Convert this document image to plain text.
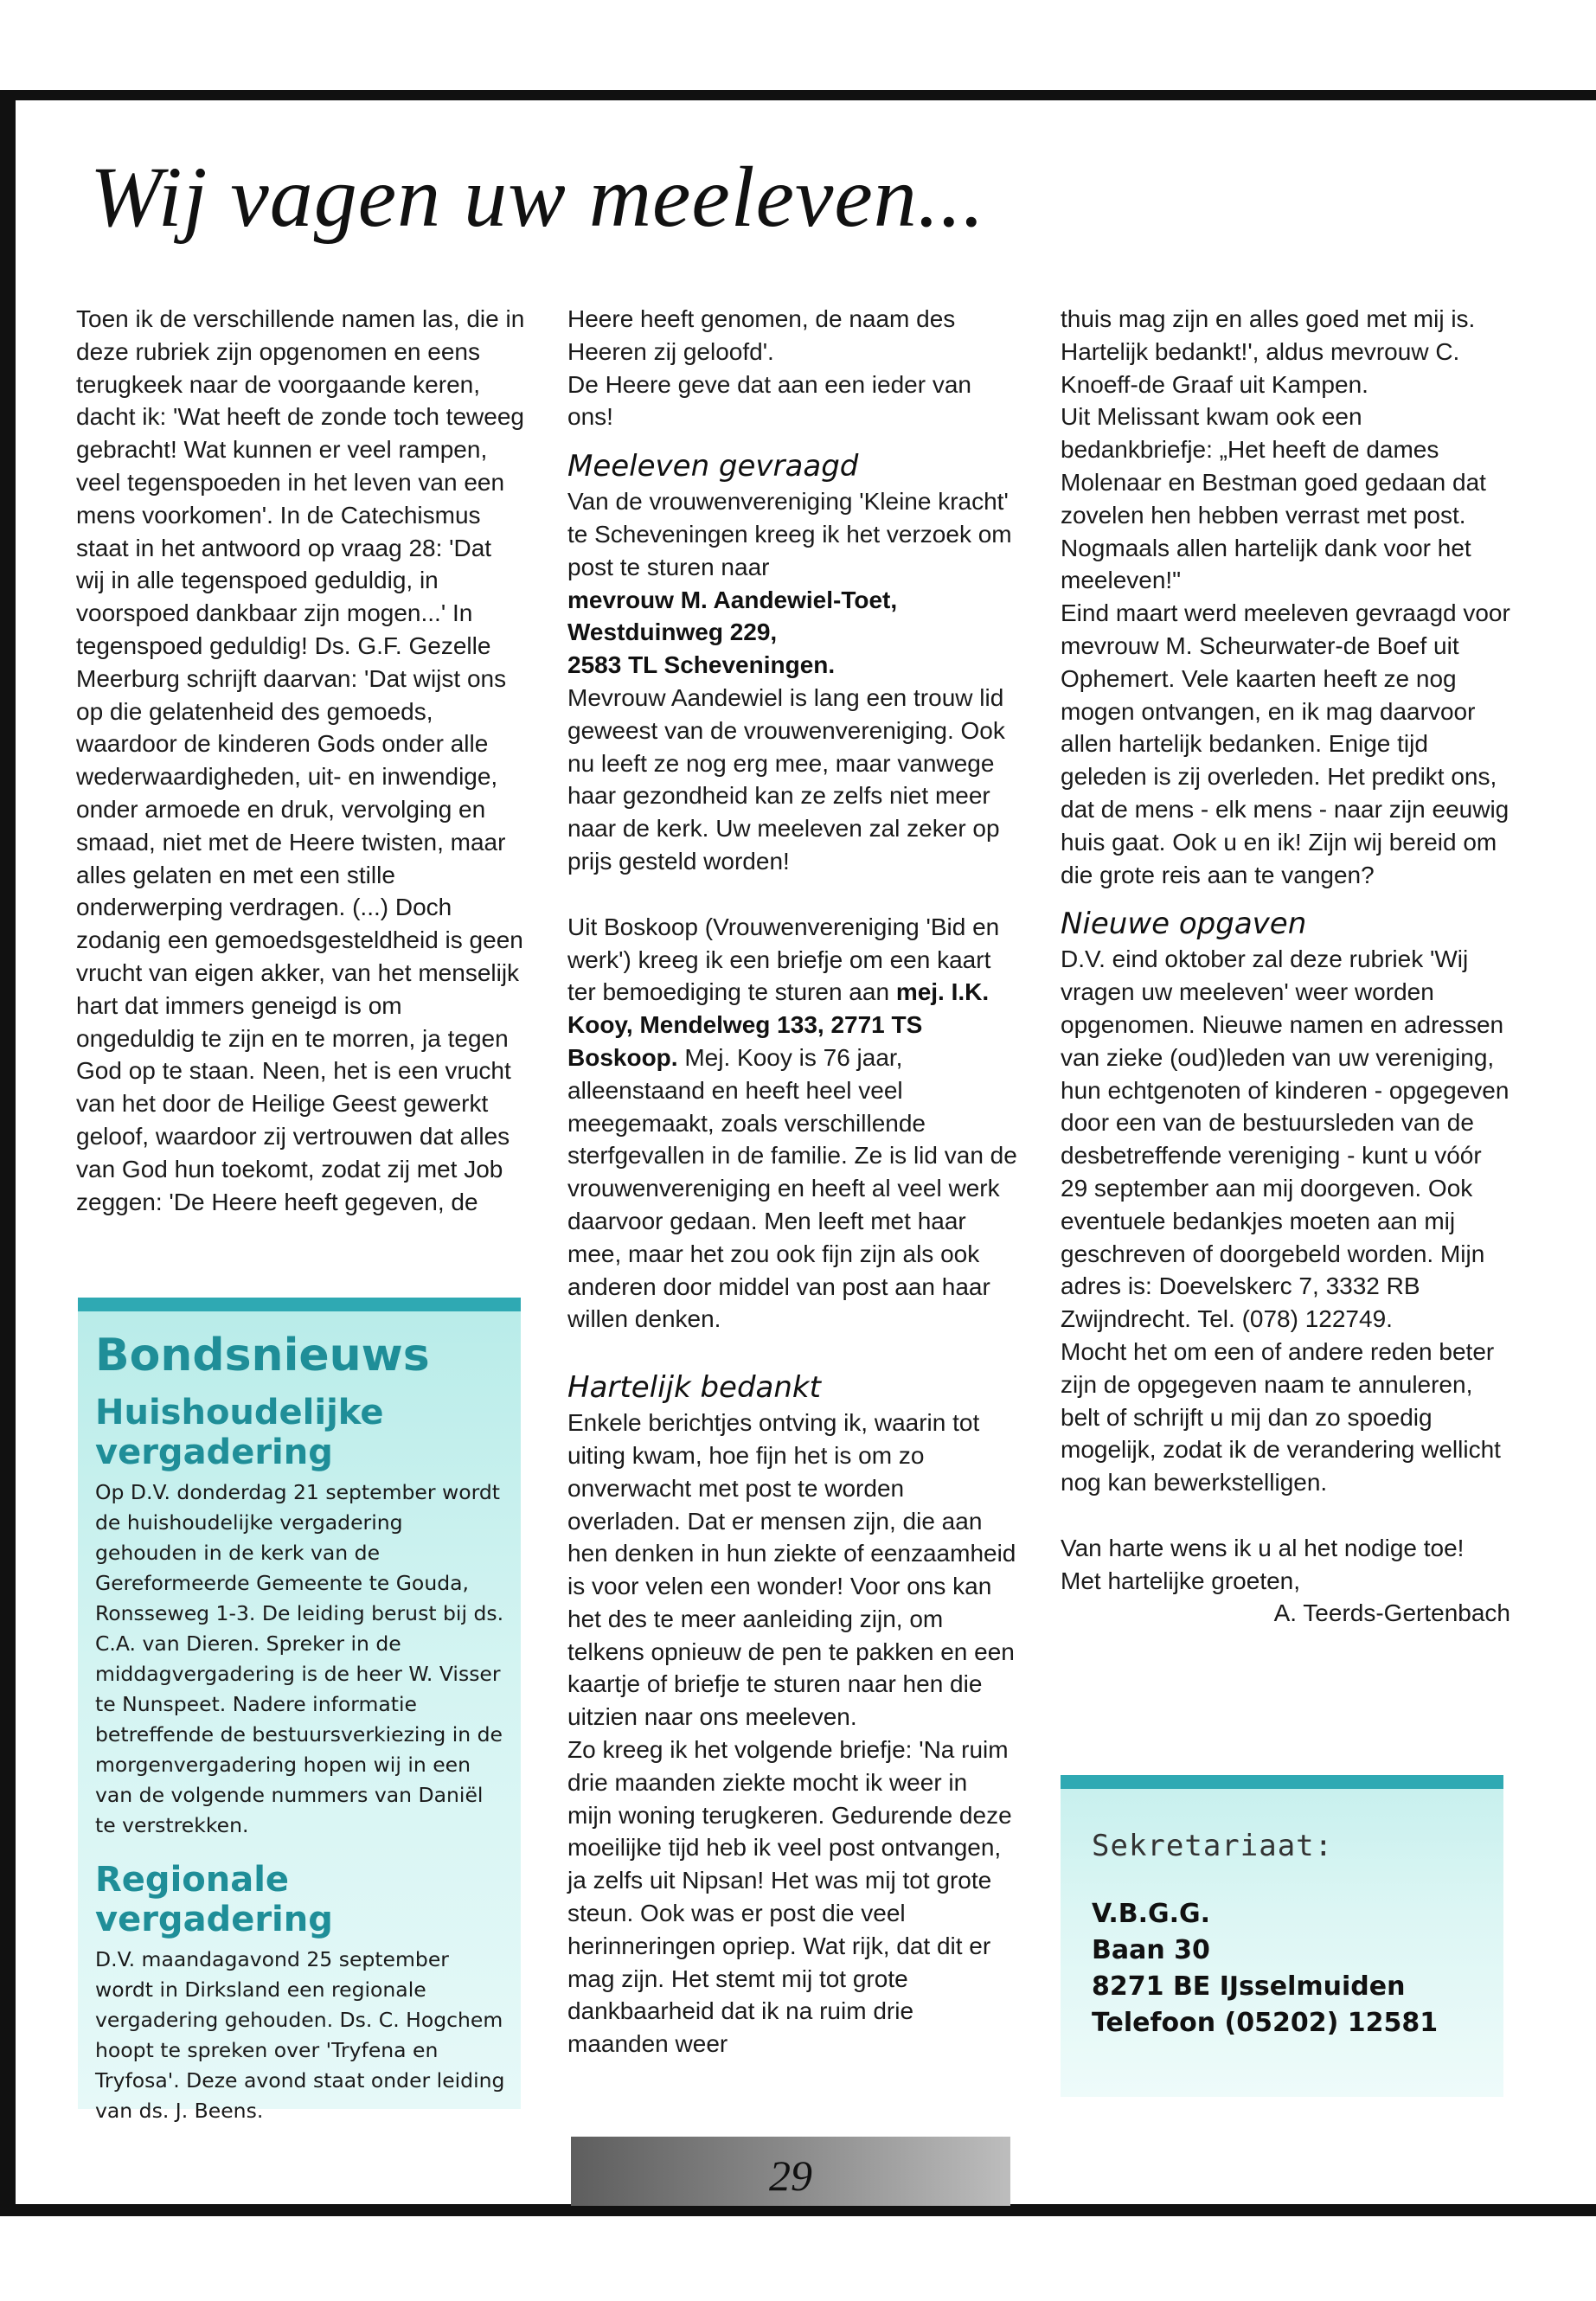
Wij vagen uw meeleven...

Toen ik de verschillende namen las, die in deze rubriek zijn opgenomen en eens terugkeek naar de voorgaande keren, dacht ik: 'Wat heeft de zonde toch teweeg gebracht! Wat kunnen er veel rampen, veel tegenspoeden in het leven van een mens voorkomen'. In de Catechismus staat in het antwoord op vraag 28: 'Dat wij in alle tegenspoed geduldig, in voorspoed dankbaar zijn mogen...' In tegenspoed geduldig! Ds. G.F. Gezelle Meerburg schrijft daarvan: 'Dat wijst ons op die gelatenheid des gemoeds, waardoor de kinderen Gods onder alle wederwaardigheden, uit- en inwendige, onder armoede en druk, vervolging en smaad, niet met de Heere twisten, maar alles gelaten en met een stille onderwerping verdragen. (...) Doch zodanig een gemoedsgesteldheid is geen vrucht van eigen akker, van het menselijk hart dat immers geneigd is om ongeduldig te zijn en te morren, ja tegen God op te staan. Neen, het is een vrucht van het door de Heilige Geest gewerkt geloof, waardoor zij vertrouwen dat alles van God hun toekomt, zodat zij met Job zeggen: 'De Heere heeft gegeven, de

Heere heeft genomen, de naam des Heeren zij geloofd'.

De Heere geve dat aan een ieder van ons!

Meeleven gevraagd

Van de vrouwenvereniging 'Kleine kracht' te Scheveningen kreeg ik het verzoek om post te sturen naar

mevrouw M. Aandewiel-Toet,

Westduinweg 229,

2583 TL Scheveningen.

Mevrouw Aandewiel is lang een trouw lid geweest van de vrouwenvereniging. Ook nu leeft ze nog erg mee, maar vanwege haar gezondheid kan ze zelfs niet meer naar de kerk. Uw meeleven zal zeker op prijs gesteld worden!

Uit Boskoop (Vrouwenvereniging 'Bid en werk') kreeg ik een briefje om een kaart ter bemoediging te sturen aan mej. I.K. Kooy, Mendelweg 133, 2771 TS Boskoop. Mej. Kooy is 76 jaar, alleenstaand en heeft heel veel meegemaakt, zoals verschillende sterfgevallen in de familie. Ze is lid van de vrouwenvereniging en heeft al veel werk daarvoor gedaan. Men leeft met haar mee, maar het zou ook fijn zijn als ook anderen door middel van post aan haar willen denken.

Hartelijk bedankt

Enkele berichtjes ontving ik, waarin tot uiting kwam, hoe fijn het is om zo onverwacht met post te worden overladen. Dat er mensen zijn, die aan hen denken in hun ziekte of eenzaamheid is voor velen een wonder! Voor ons kan het des te meer aanleiding zijn, om telkens opnieuw de pen te pakken en een kaartje of briefje te sturen naar hen die uitzien naar ons meeleven.

Zo kreeg ik het volgende briefje: 'Na ruim drie maanden ziekte mocht ik weer in mijn woning terugkeren. Gedurende deze moeilijke tijd heb ik veel post ontvangen, ja zelfs uit Nipsan! Het was mij tot grote steun. Ook was er post die veel herinneringen opriep. Wat rijk, dat dit er mag zijn. Het stemt mij tot grote dankbaarheid dat ik na ruim drie maanden weer

thuis mag zijn en alles goed met mij is. Hartelijk bedankt!', aldus mevrouw C. Knoeff-de Graaf uit Kampen.

Uit Melissant kwam ook een bedankbriefje: „Het heeft de dames Molenaar en Bestman goed gedaan dat zovelen hen hebben verrast met post. Nogmaals allen hartelijk dank voor het meeleven!"

Eind maart werd meeleven gevraagd voor mevrouw M. Scheurwater-de Boef uit Ophemert. Vele kaarten heeft ze nog mogen ontvangen, en ik mag daarvoor allen hartelijk bedanken. Enige tijd geleden is zij overleden. Het predikt ons, dat de mens - elk mens - naar zijn eeuwig huis gaat. Ook u en ik! Zijn wij bereid om die grote reis aan te vangen?

Nieuwe opgaven

D.V. eind oktober zal deze rubriek 'Wij vragen uw meeleven' weer worden opgenomen. Nieuwe namen en adressen van zieke (oud)leden van uw vereniging, hun echtgenoten of kinderen - opgegeven door een van de bestuursleden van de desbetreffende vereniging - kunt u vóór 29 september aan mij doorgeven. Ook eventuele bedankjes moeten aan mij geschreven of doorgebeld worden. Mijn adres is: Doevelskerc 7, 3332 RB Zwijndrecht. Tel. (078) 122749.

Mocht het om een of andere reden beter zijn de opgegeven naam te annuleren, belt of schrijft u mij dan zo spoedig mogelijk, zodat ik de verandering wellicht nog kan bewerkstelligen.

Van harte wens ik u al het nodige toe!

Met hartelijke groeten,

A. Teerds-Gertenbach

Bondsnieuws
Huishoudelijke vergadering

Op D.V. donderdag 21 september wordt de huishoudelijke vergadering gehouden in de kerk van de Gereformeerde Gemeente te Gouda, Ronsseweg 1-3. De leiding berust bij ds. C.A. van Dieren. Spreker in de middagvergadering is de heer W. Visser te Nunspeet. Nadere informatie betreffende de bestuursverkiezing in de morgenvergadering hopen wij in een van de volgende nummers van Daniël te verstrekken.

Regionale vergadering

D.V. maandagavond 25 september wordt in Dirksland een regionale vergadering gehouden. Ds. C. Hogchem hoopt te spreken over 'Tryfena en Tryfosa'. Deze avond staat onder leiding van ds. J. Beens.

Sekretariaat:

V.B.G.G.
Baan 30
8271 BE IJsselmuiden
Telefoon (05202) 12581
29
